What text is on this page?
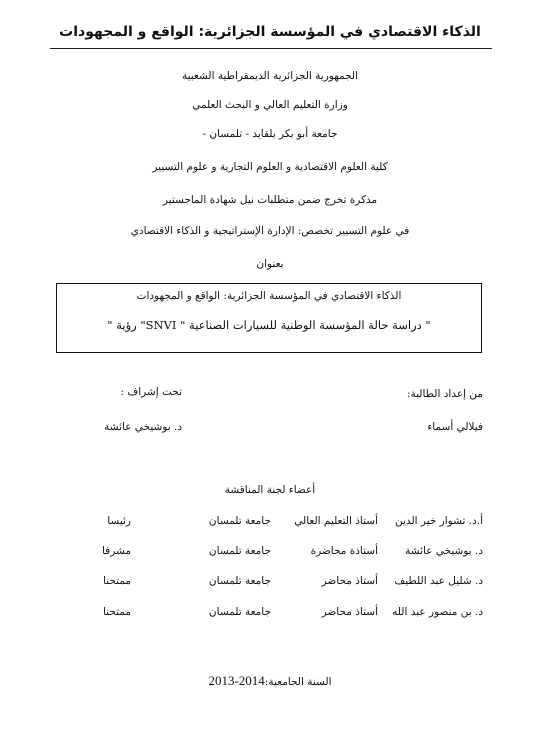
الذكاء الاقتصادي في المؤسسة الجزائرية: الواقع و المجهودات
الجمهورية الجزائرية الديمقراطية الشعبية
وزارة التعليم العالي و البحث العلمي
جامعة أبو بكر بلقايد - تلمسان -
كلية العلوم الاقتصادية و العلوم التجارية و علوم التسيير
مذكرة تخرج ضمن متطلبات نيل شهادة الماجستير
في علوم التسيير تخصص: الإدارة الإستراتيجية و الذكاء الاقتصادي
بعنوان
الذكاء الاقتصادي في المؤسسة الجزائرية: الواقع و المجهودات
" دراسة حالة المؤسسة الوطنية للسيارات الصناعية " SNVI" رؤية "
من إعداد الطالبة:
تحت إشراف :
فيلالي أسماء
د. بوشيخي عائشة
أعضاء لجنة المناقشة
أ.د. تشوار خير الدين
أستاذ التعليم العالي
جامعة تلمسان
رئيسا
د. بوشيخي عائشة
أستاذة محاضرة
جامعة تلمسان
مشرفا
د. شليل عبد اللطيف
أستاذ محاضر
جامعة تلمسان
ممتحنا
د. بن منصور عبد الله
أستاذ محاضر
جامعة تلمسان
ممتحنا
السنة الجامعية:2013-2014
